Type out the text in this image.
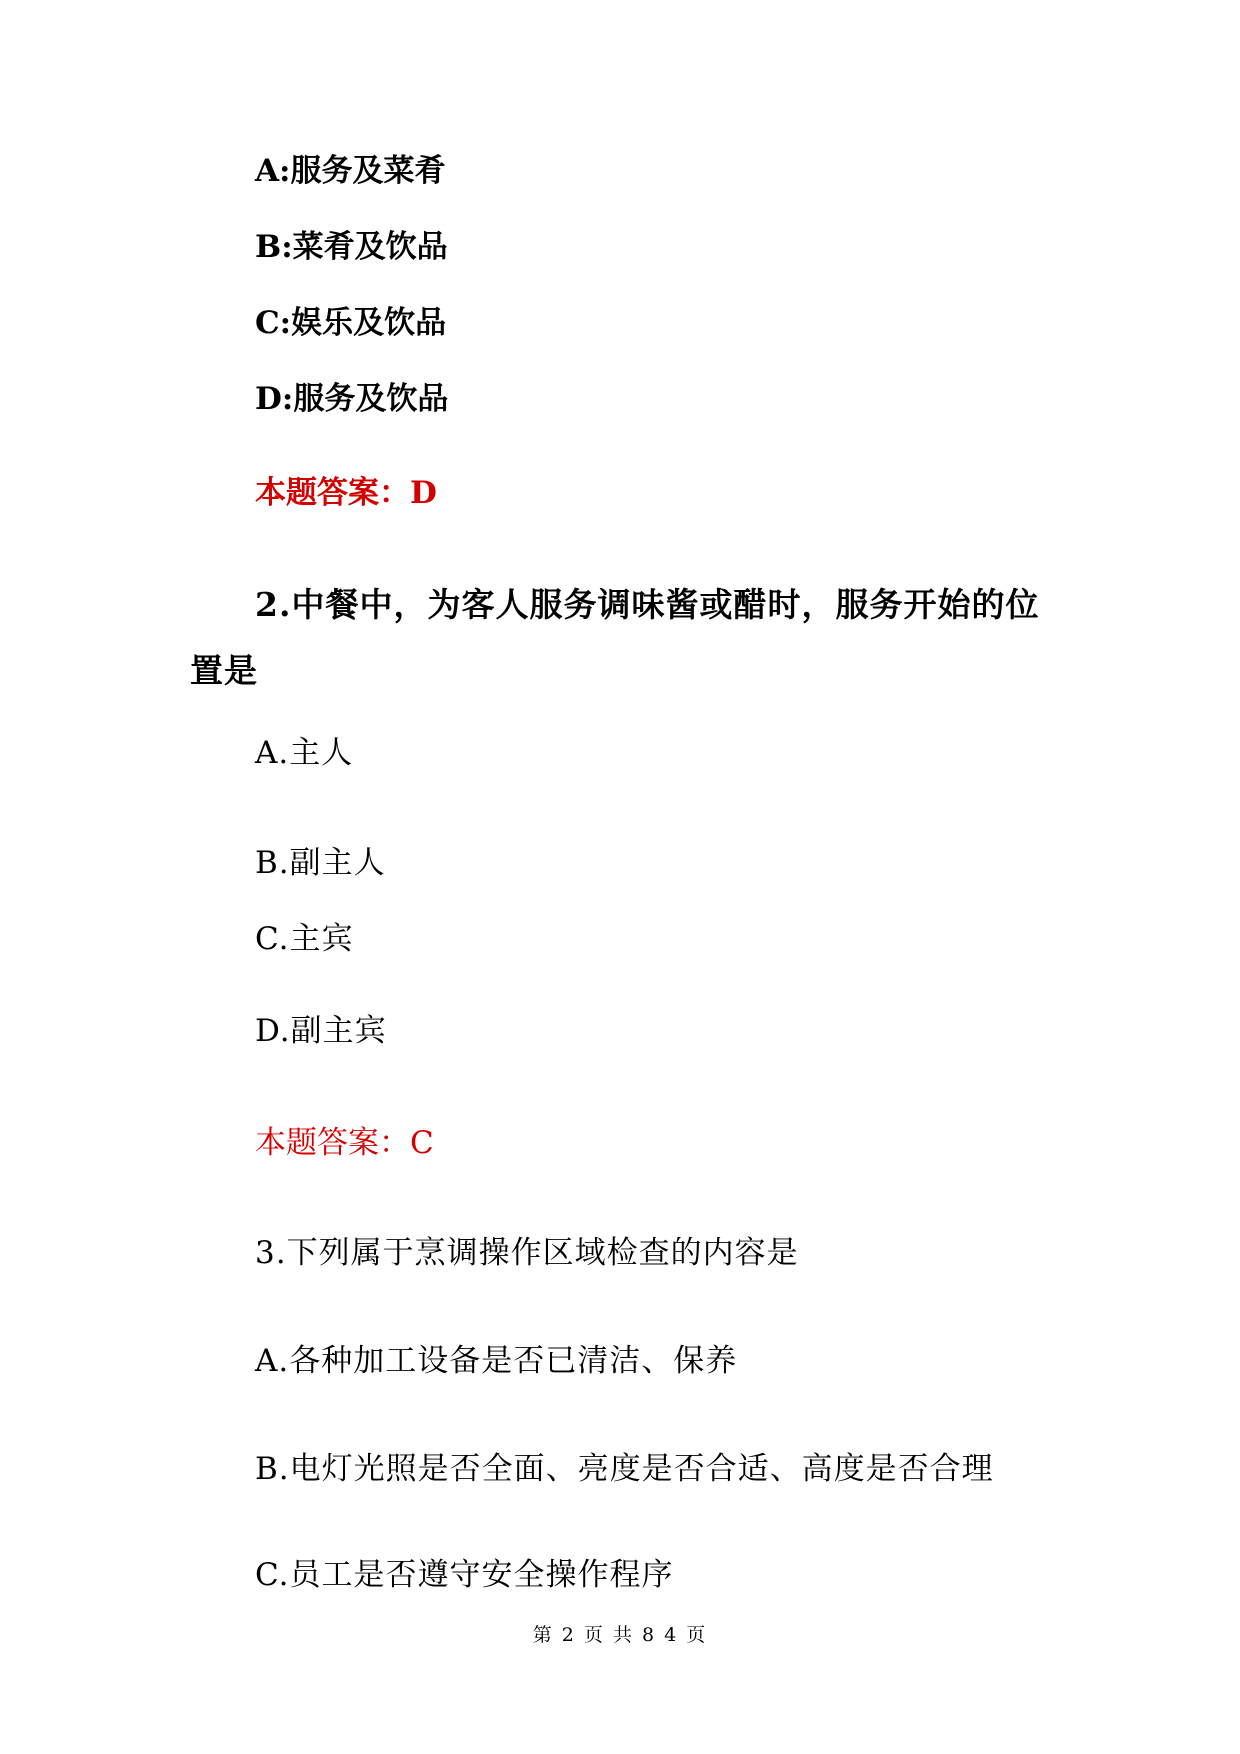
A:服务及菜肴
B:菜肴及饮品
C:娱乐及饮品
D:服务及饮品
本题答案：D
2.中餐中，为客人服务调味酱或醋时，服务开始的位
置是
A.主人
B.副主人
C.主宾
D.副主宾
本题答案：C
3.下列属于烹调操作区域检查的内容是
A.各种加工设备是否已清洁、保养
B.电灯光照是否全面、亮度是否合适、高度是否合理
C.员工是否遵守安全操作程序
第 2 页 共 8 4 页
